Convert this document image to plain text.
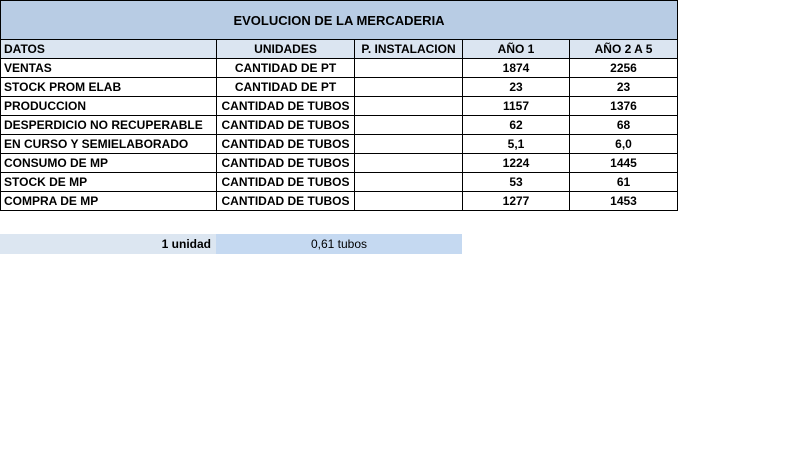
EVOLUCION DE LA MERCADERIA				
DATOS	UNIDADES	P. INSTALACION	AÑO 1	AÑO 2 A 5
VENTAS	CANTIDAD DE PT		1874	2256
STOCK PROM ELAB	CANTIDAD DE PT		23	23
PRODUCCION	CANTIDAD DE TUBOS		1157	1376
DESPERDICIO NO RECUPERABLE	CANTIDAD DE TUBOS		62	68
EN CURSO Y SEMIELABORADO	CANTIDAD DE TUBOS		5,1	6,0
CONSUMO DE MP	CANTIDAD DE TUBOS		1224	1445
STOCK DE MP	CANTIDAD DE TUBOS		53	61
COMPRA DE MP	CANTIDAD DE TUBOS		1277	1453
1 unidad	0,61 tubos
